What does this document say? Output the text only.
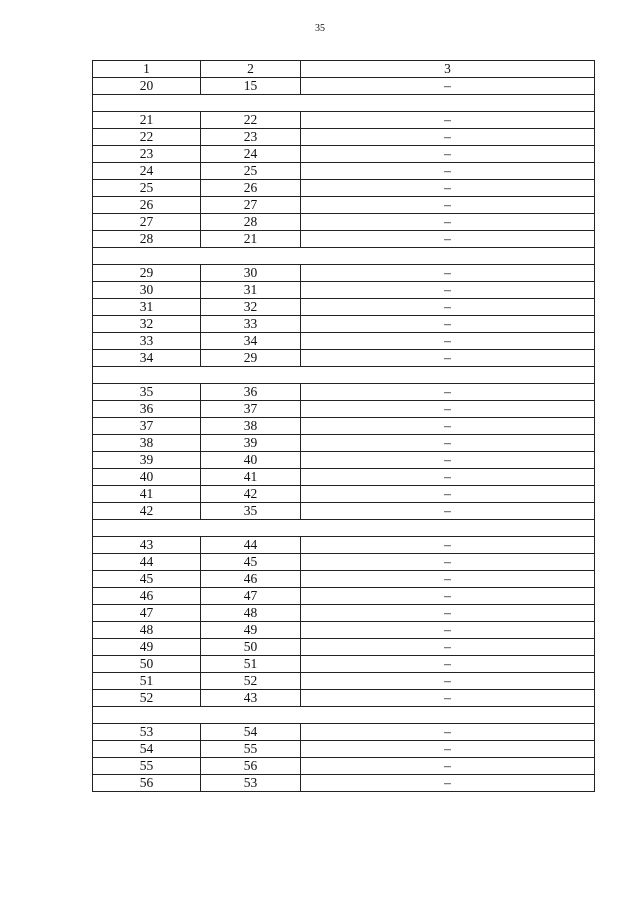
35
1	2	3
20	15	–

21	22	–
22	23	–
23	24	–
24	25	–
25	26	–
26	27	–
27	28	–
28	21	–

29	30	–
30	31	–
31	32	–
32	33	–
33	34	–
34	29	–

35	36	–
36	37	–
37	38	–
38	39	–
39	40	–
40	41	–
41	42	–
42	35	–

43	44	–
44	45	–
45	46	–
46	47	–
47	48	–
48	49	–
49	50	–
50	51	–
51	52	–
52	43	–

53	54	–
54	55	–
55	56	–
56	53	–
